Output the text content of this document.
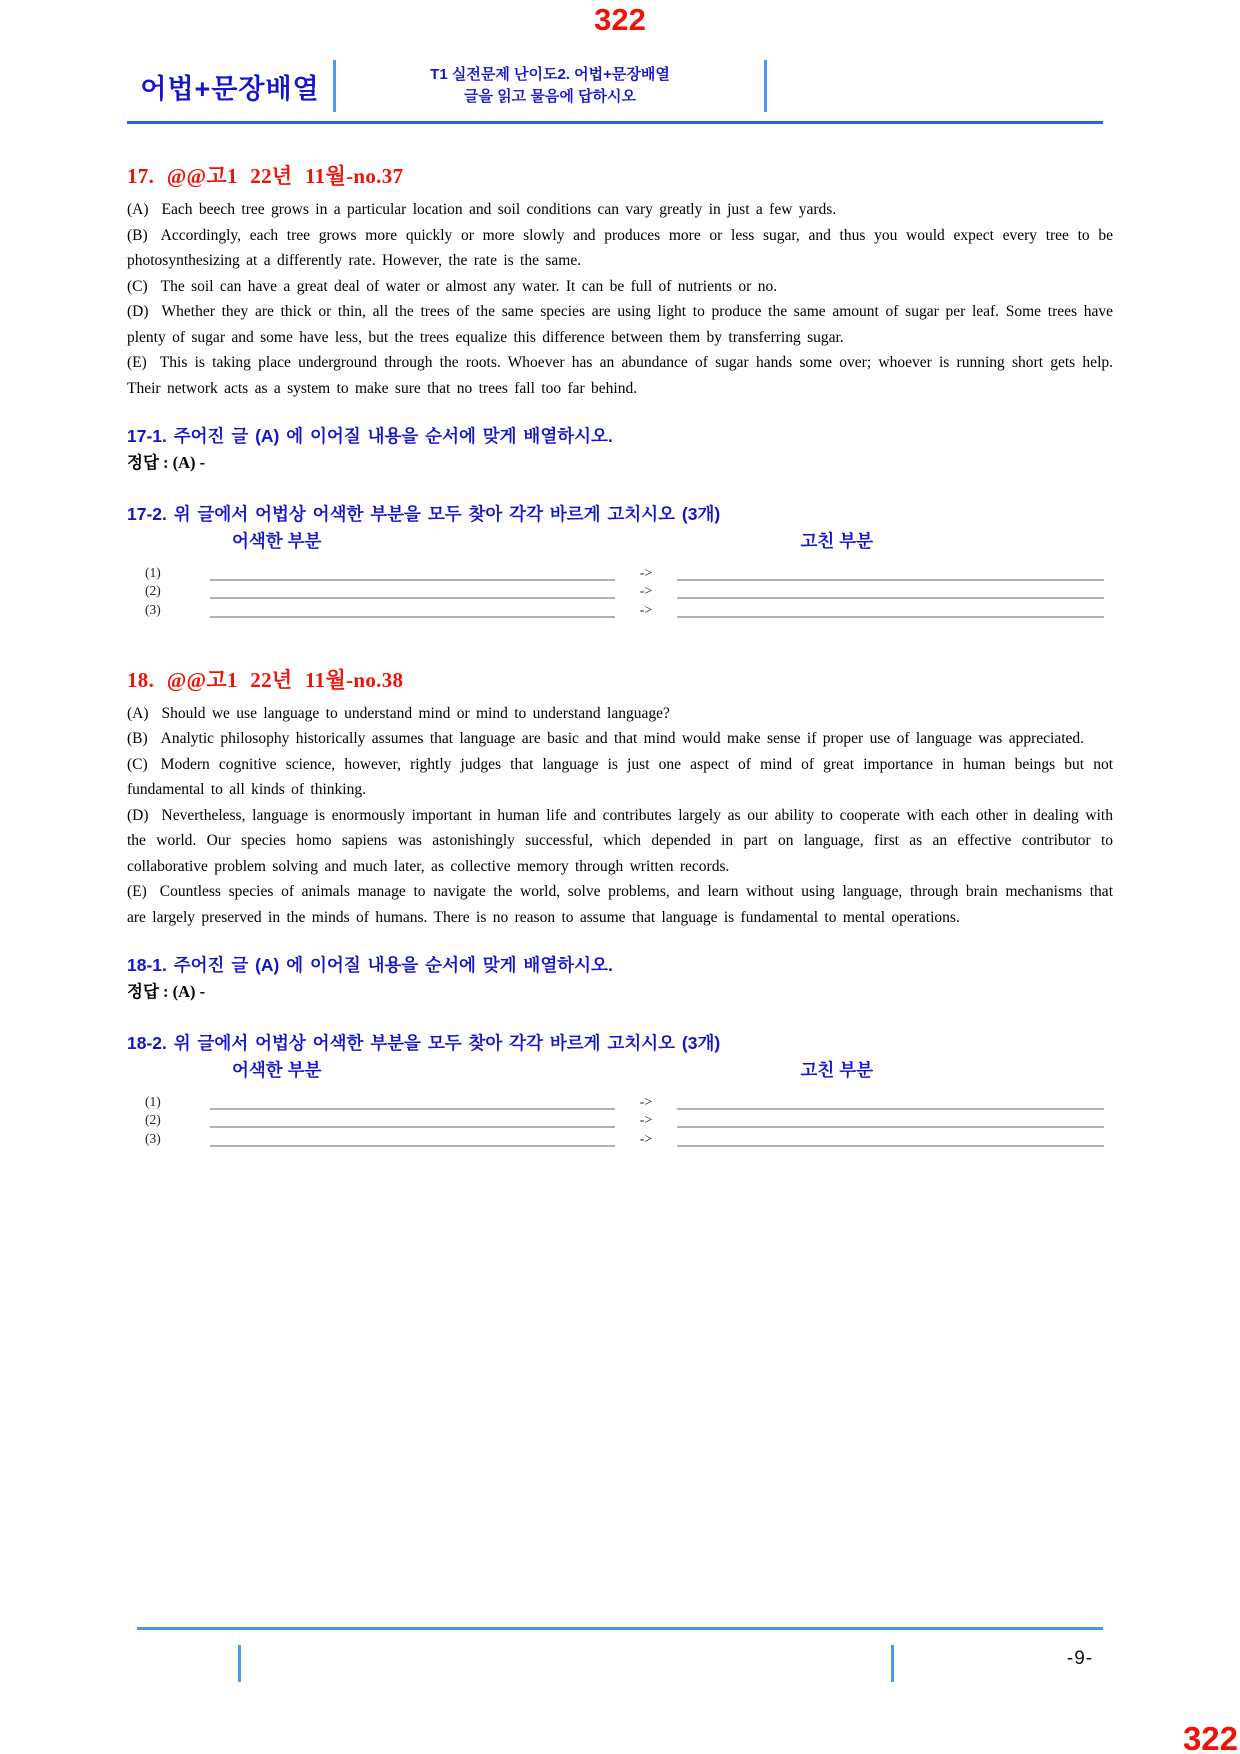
322
어법+문장배열	T1 실전문제 난이도2. 어법+문장배열
글을 읽고 물음에 답하시오
17. @@고1 22년 11월-no.37

(A) Each beech tree grows in a particular location and soil conditions can vary greatly in just a few yards.

(B) Accordingly, each tree grows more quickly or more slowly and produces more or less sugar, and thus you would expect every tree to be photosynthesizing at a differently rate. However, the rate is the same.

(C) The soil can have a great deal of water or almost any water. It can be full of nutrients or no.

(D) Whether they are thick or thin, all the trees of the same species are using light to produce the same amount of sugar per leaf. Some trees have plenty of sugar and some have less, but the trees equalize this difference between them by transferring sugar.

(E) This is taking place underground through the roots. Whoever has an abundance of sugar hands some over; whoever is running short gets help. Their network acts as a system to make sure that no trees fall too far behind.

17-1. 주어진 글 (A) 에 이어질 내용을 순서에 맞게 배열하시오.
정답 : (A) -
17-2. 위 글에서 어법상 어색한 부분을 모두 찾아 각각 바르게 고치시오 (3개)
어색한 부분	고친 부분
(1)	->
(2)	->
(3)	->
18. @@고1 22년 11월-no.38

(A) Should we use language to understand mind or mind to understand language?

(B) Analytic philosophy historically assumes that language are basic and that mind would make sense if proper use of language was appreciated.

(C) Modern cognitive science, however, rightly judges that language is just one aspect of mind of great importance in human beings but not fundamental to all kinds of thinking.

(D) Nevertheless, language is enormously important in human life and contributes largely as our ability to cooperate with each other in dealing with the world. Our species homo sapiens was astonishingly successful, which depended in part on language, first as an effective contributor to collaborative problem solving and much later, as collective memory through written records.

(E) Countless species of animals manage to navigate the world, solve problems, and learn without using language, through brain mechanisms that are largely preserved in the minds of humans. There is no reason to assume that language is fundamental to mental operations.

18-1. 주어진 글 (A) 에 이어질 내용을 순서에 맞게 배열하시오.
정답 : (A) -
18-2. 위 글에서 어법상 어색한 부분을 모두 찾아 각각 바르게 고치시오 (3개)
어색한 부분	고친 부분
(1)	->
(2)	->
(3)	->
-9-
322
